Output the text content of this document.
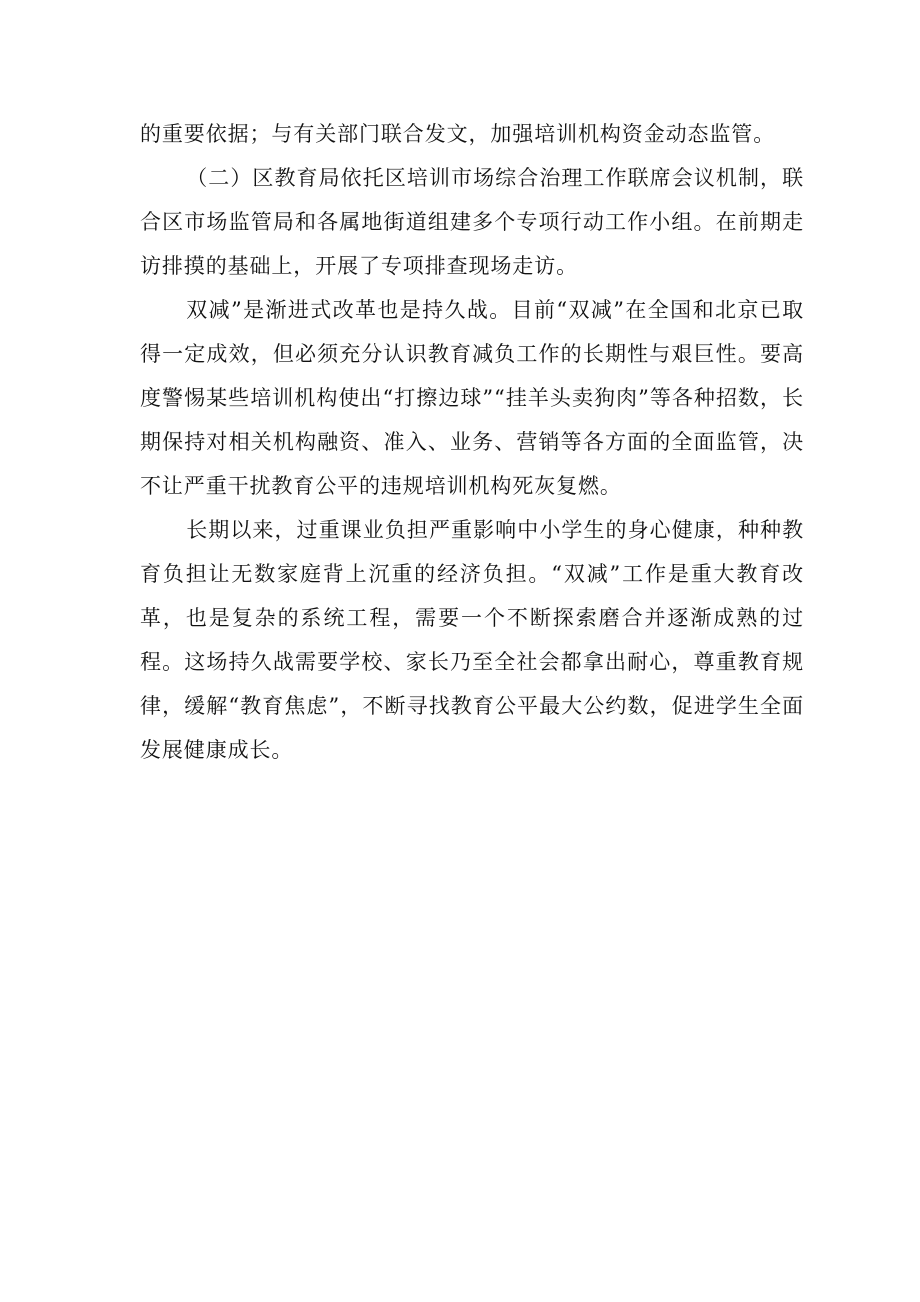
的重要依据；与有关部门联合发文，加强培训机构资金动态监管。

（二）区教育局依托区培训市场综合治理工作联席会议机制，联合区市场监管局和各属地街道组建多个专项行动工作小组。在前期走访排摸的基础上，开展了专项排查现场走访。

双减”是渐进式改革也是持久战。目前“双减”在全国和北京已取得一定成效，但必须充分认识教育减负工作的长期性与艰巨性。要高度警惕某些培训机构使出“打擦边球”“挂羊头卖狗肉”等各种招数，长期保持对相关机构融资、准入、业务、营销等各方面的全面监管，决不让严重干扰教育公平的违规培训机构死灰复燃。

长期以来，过重课业负担严重影响中小学生的身心健康，种种教育负担让无数家庭背上沉重的经济负担。“双减”工作是重大教育改革，也是复杂的系统工程，需要一个不断探索磨合并逐渐成熟的过程。这场持久战需要学校、家长乃至全社会都拿出耐心，尊重教育规律，缓解“教育焦虑”，不断寻找教育公平最大公约数，促进学生全面发展健康成长。
